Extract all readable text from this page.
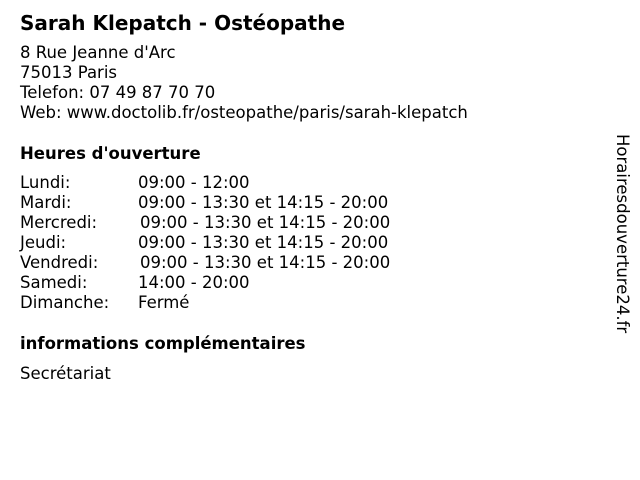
Sarah Klepatch - Ostéopathe
8 Rue Jeanne d'Arc
75013 Paris
Telefon: 07 49 87 70 70
Web: www.doctolib.fr/osteopathe/paris/sarah-klepatch
Heures d'ouverture
Lundi:	09:00 - 12:00
Mardi:	09:00 - 13:30 et 14:15 - 20:00
Mercredi:	09:00 - 13:30 et 14:15 - 20:00
Jeudi:	09:00 - 13:30 et 14:15 - 20:00
Vendredi:	09:00 - 13:30 et 14:15 - 20:00
Samedi:	14:00 - 20:00
Dimanche: Fermé
informations complémentaires
Secrétariat
Horairesdouverture24.fr
